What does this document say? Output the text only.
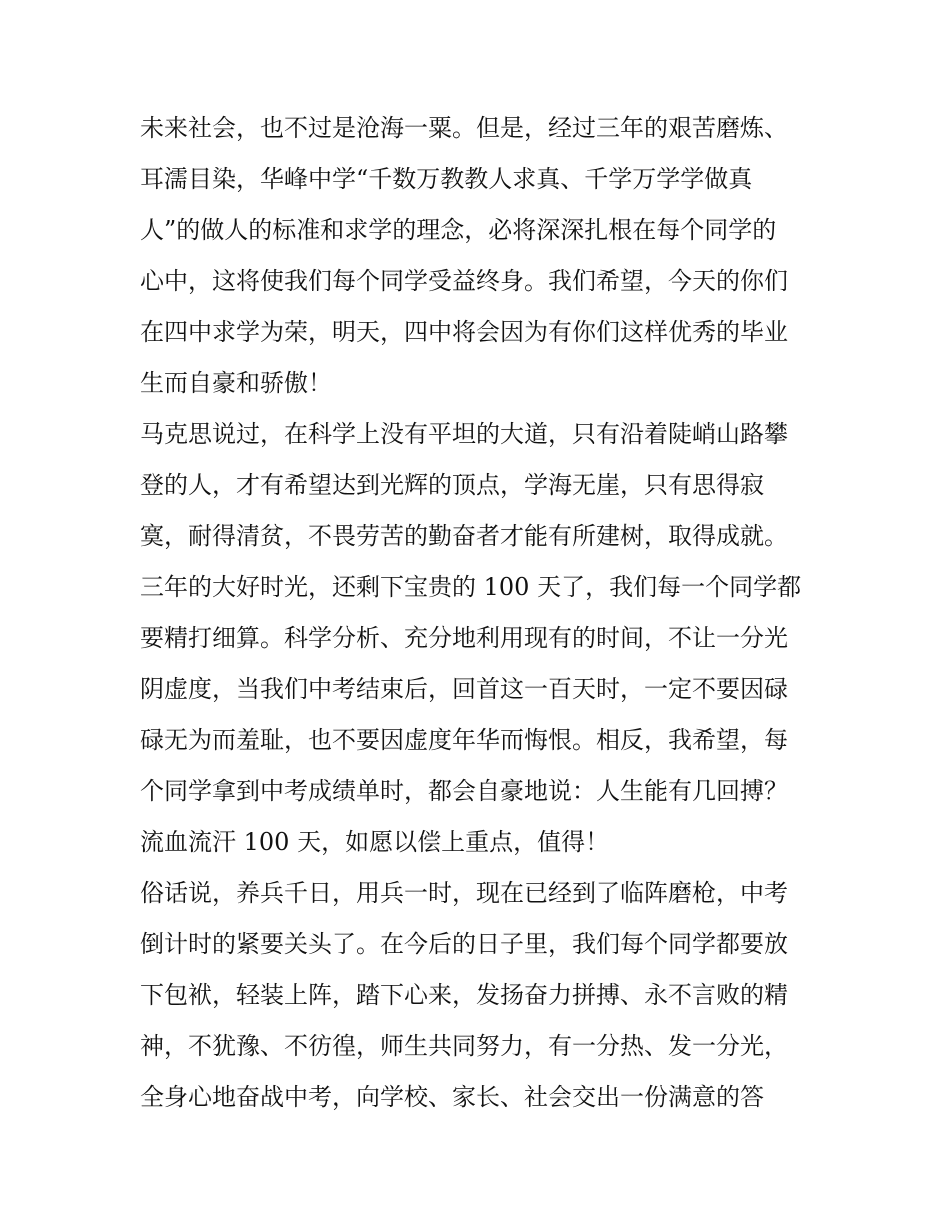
未来社会，也不过是沧海一粟。但是，经过三年的艰苦磨炼、
耳濡目染，华峰中学“千数万教教人求真、千学万学学做真
人”的做人的标准和求学的理念，必将深深扎根在每个同学的
心中，这将使我们每个同学受益终身。我们希望，今天的你们
在四中求学为荣，明天，四中将会因为有你们这样优秀的毕业
生而自豪和骄傲！
马克思说过，在科学上没有平坦的大道，只有沿着陡峭山路攀
登的人，才有希望达到光辉的顶点，学海无崖，只有思得寂
寞，耐得清贫，不畏劳苦的勤奋者才能有所建树，取得成就。
三年的大好时光，还剩下宝贵的 100 天了，我们每一个同学都
要精打细算。科学分析、充分地利用现有的时间，不让一分光
阴虚度，当我们中考结束后，回首这一百天时，一定不要因碌
碌无为而羞耻，也不要因虚度年华而悔恨。相反，我希望，每
个同学拿到中考成绩单时，都会自豪地说：人生能有几回搏？
流血流汗 100 天，如愿以偿上重点，值得！
俗话说，养兵千日，用兵一时，现在已经到了临阵磨枪，中考
倒计时的紧要关头了。在今后的日子里，我们每个同学都要放
下包袱，轻装上阵，踏下心来，发扬奋力拼搏、永不言败的精
神，不犹豫、不彷徨，师生共同努力，有一分热、发一分光，
全身心地奋战中考，向学校、家长、社会交出一份满意的答
